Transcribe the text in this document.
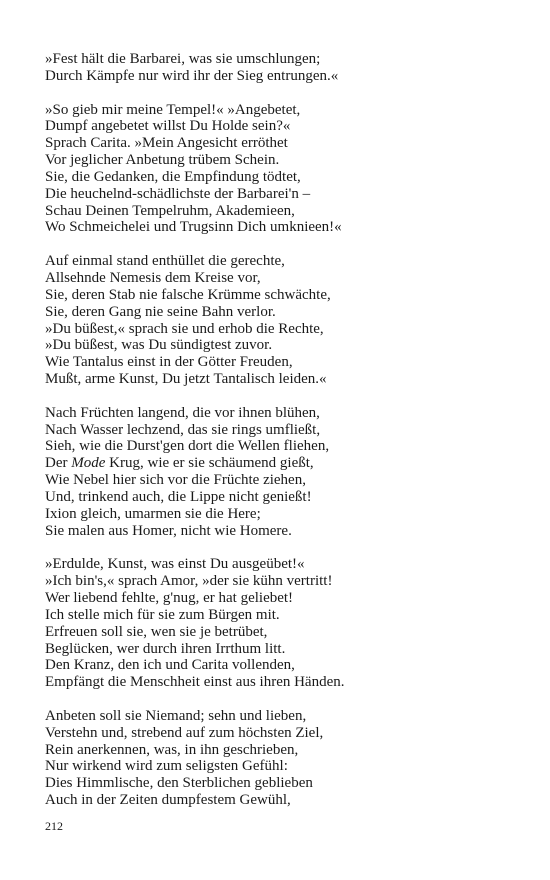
»Fest hält die Barbarei, was sie umschlungen;
Durch Kämpfe nur wird ihr der Sieg entrungen.«
»So gieb mir meine Tempel!« »Angebetet,
Dumpf angebetet willst Du Holde sein?«
Sprach Carita. »Mein Angesicht erröthet
Vor jeglicher Anbetung trübem Schein.
Sie, die Gedanken, die Empfindung tödtet,
Die heuchelnd-schädlichste der Barbarei'n –
Schau Deinen Tempelruhm, Akademieen,
Wo Schmeichelei und Trugsinn Dich umknieen!«
Auf einmal stand enthüllet die gerechte,
Allsehnde Nemesis dem Kreise vor,
Sie, deren Stab nie falsche Krümme schwächte,
Sie, deren Gang nie seine Bahn verlor.
»Du büßest,« sprach sie und erhob die Rechte,
»Du büßest, was Du sündigtest zuvor.
Wie Tantalus einst in der Götter Freuden,
Mußt, arme Kunst, Du jetzt Tantalisch leiden.«
Nach Früchten langend, die vor ihnen blühen,
Nach Wasser lechzend, das sie rings umfließt,
Sieh, wie die Durst'gen dort die Wellen fliehen,
Der Mode Krug, wie er sie schäumend gießt,
Wie Nebel hier sich vor die Früchte ziehen,
Und, trinkend auch, die Lippe nicht genießt!
Ixion gleich, umarmen sie die Here;
Sie malen aus Homer, nicht wie Homere.
»Erdulde, Kunst, was einst Du ausgeübet!«
»Ich bin's,« sprach Amor, »der sie kühn vertritt!
Wer liebend fehlte, g'nug, er hat geliebet!
Ich stelle mich für sie zum Bürgen mit.
Erfreuen soll sie, wen sie je betrübet,
Beglücken, wer durch ihren Irrthum litt.
Den Kranz, den ich und Carita vollenden,
Empfängt die Menschheit einst aus ihren Händen.
Anbeten soll sie Niemand; sehn und lieben,
Verstehn und, strebend auf zum höchsten Ziel,
Rein anerkennen, was, in ihn geschrieben,
Nur wirkend wird zum seligsten Gefühl:
Dies Himmlische, den Sterblichen geblieben
Auch in der Zeiten dumpfestem Gewühl,
212
